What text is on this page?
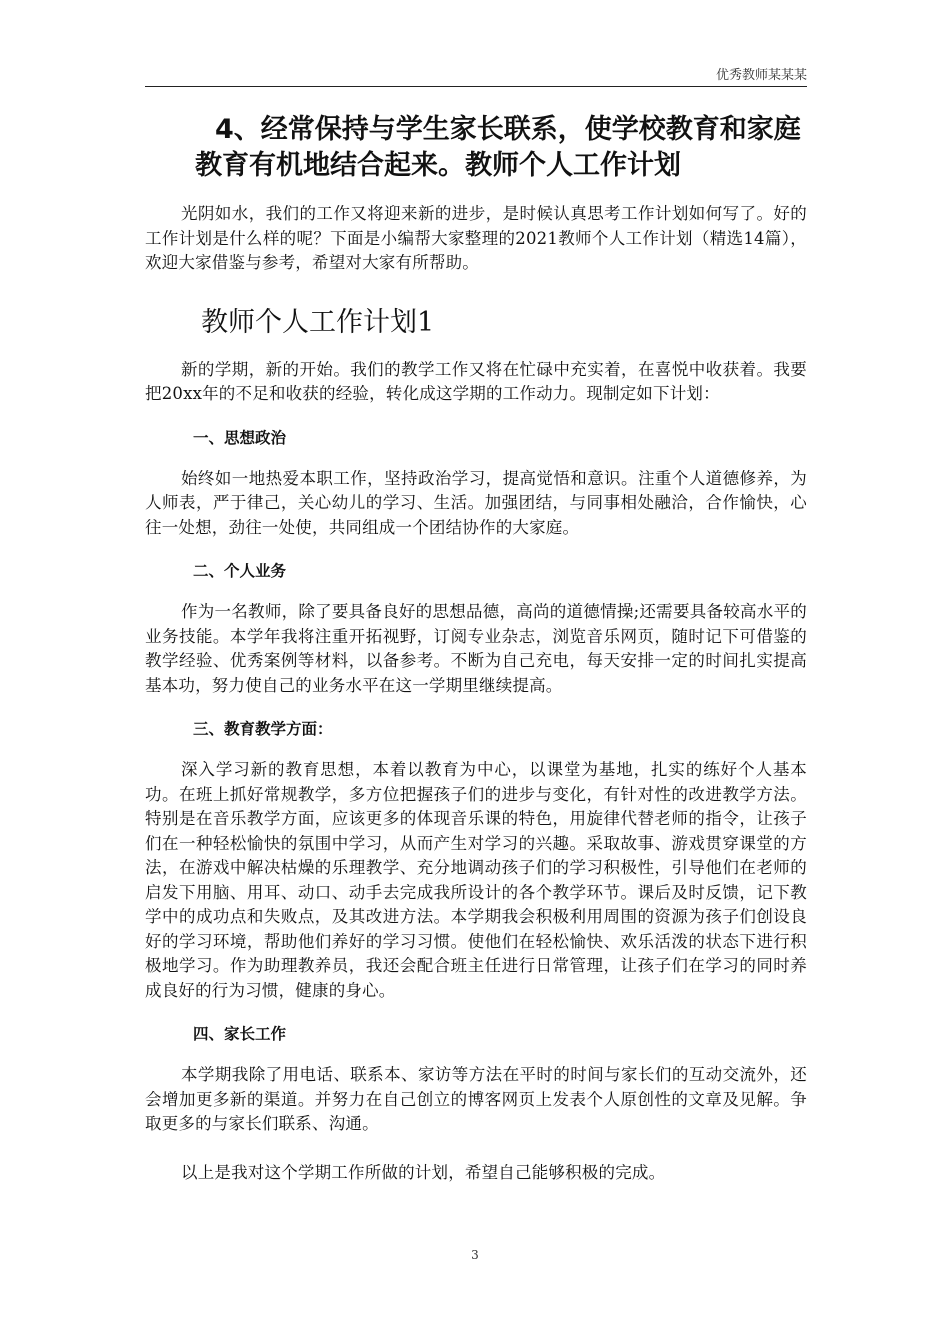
优秀教师某某某
4、经常保持与学生家长联系，使学校教育和家庭教育有机地结合起来。教师个人工作计划

光阴如水，我们的工作又将迎来新的进步，是时候认真思考工作计划如何写了。好的工作计划是什么样的呢？下面是小编帮大家整理的2021教师个人工作计划（精选14篇），欢迎大家借鉴与参考，希望对大家有所帮助。

教师个人工作计划1

新的学期，新的开始。我们的教学工作又将在忙碌中充实着，在喜悦中收获着。我要把20xx年的不足和收获的经验，转化成这学期的工作动力。现制定如下计划：

一、思想政治

始终如一地热爱本职工作，坚持政治学习，提高觉悟和意识。注重个人道德修养，为人师表，严于律己，关心幼儿的学习、生活。加强团结，与同事相处融洽，合作愉快，心往一处想，劲往一处使，共同组成一个团结协作的大家庭。

二、个人业务

作为一名教师，除了要具备良好的思想品德，高尚的道德情操;还需要具备较高水平的业务技能。本学年我将注重开拓视野，订阅专业杂志，浏览音乐网页，随时记下可借鉴的教学经验、优秀案例等材料，以备参考。不断为自己充电，每天安排一定的时间扎实提高基本功，努力使自己的业务水平在这一学期里继续提高。

三、教育教学方面：

深入学习新的教育思想，本着以教育为中心，以课堂为基地，扎实的练好个人基本功。在班上抓好常规教学，多方位把握孩子们的进步与变化，有针对性的改进教学方法。特别是在音乐教学方面，应该更多的体现音乐课的特色，用旋律代替老师的指令，让孩子们在一种轻松愉快的氛围中学习，从而产生对学习的兴趣。采取故事、游戏贯穿课堂的方法，在游戏中解决枯燥的乐理教学、充分地调动孩子们的学习积极性，引导他们在老师的启发下用脑、用耳、动口、动手去完成我所设计的各个教学环节。课后及时反馈，记下教学中的成功点和失败点，及其改进方法。本学期我会积极利用周围的资源为孩子们创设良好的学习环境，帮助他们养好的学习习惯。使他们在轻松愉快、欢乐活泼的状态下进行积极地学习。作为助理教养员，我还会配合班主任进行日常管理，让孩子们在学习的同时养成良好的行为习惯，健康的身心。

四、家长工作

本学期我除了用电话、联系本、家访等方法在平时的时间与家长们的互动交流外，还会增加更多新的渠道。并努力在自己创立的博客网页上发表个人原创性的文章及见解。争取更多的与家长们联系、沟通。

以上是我对这个学期工作所做的计划，希望自己能够积极的完成。

3
